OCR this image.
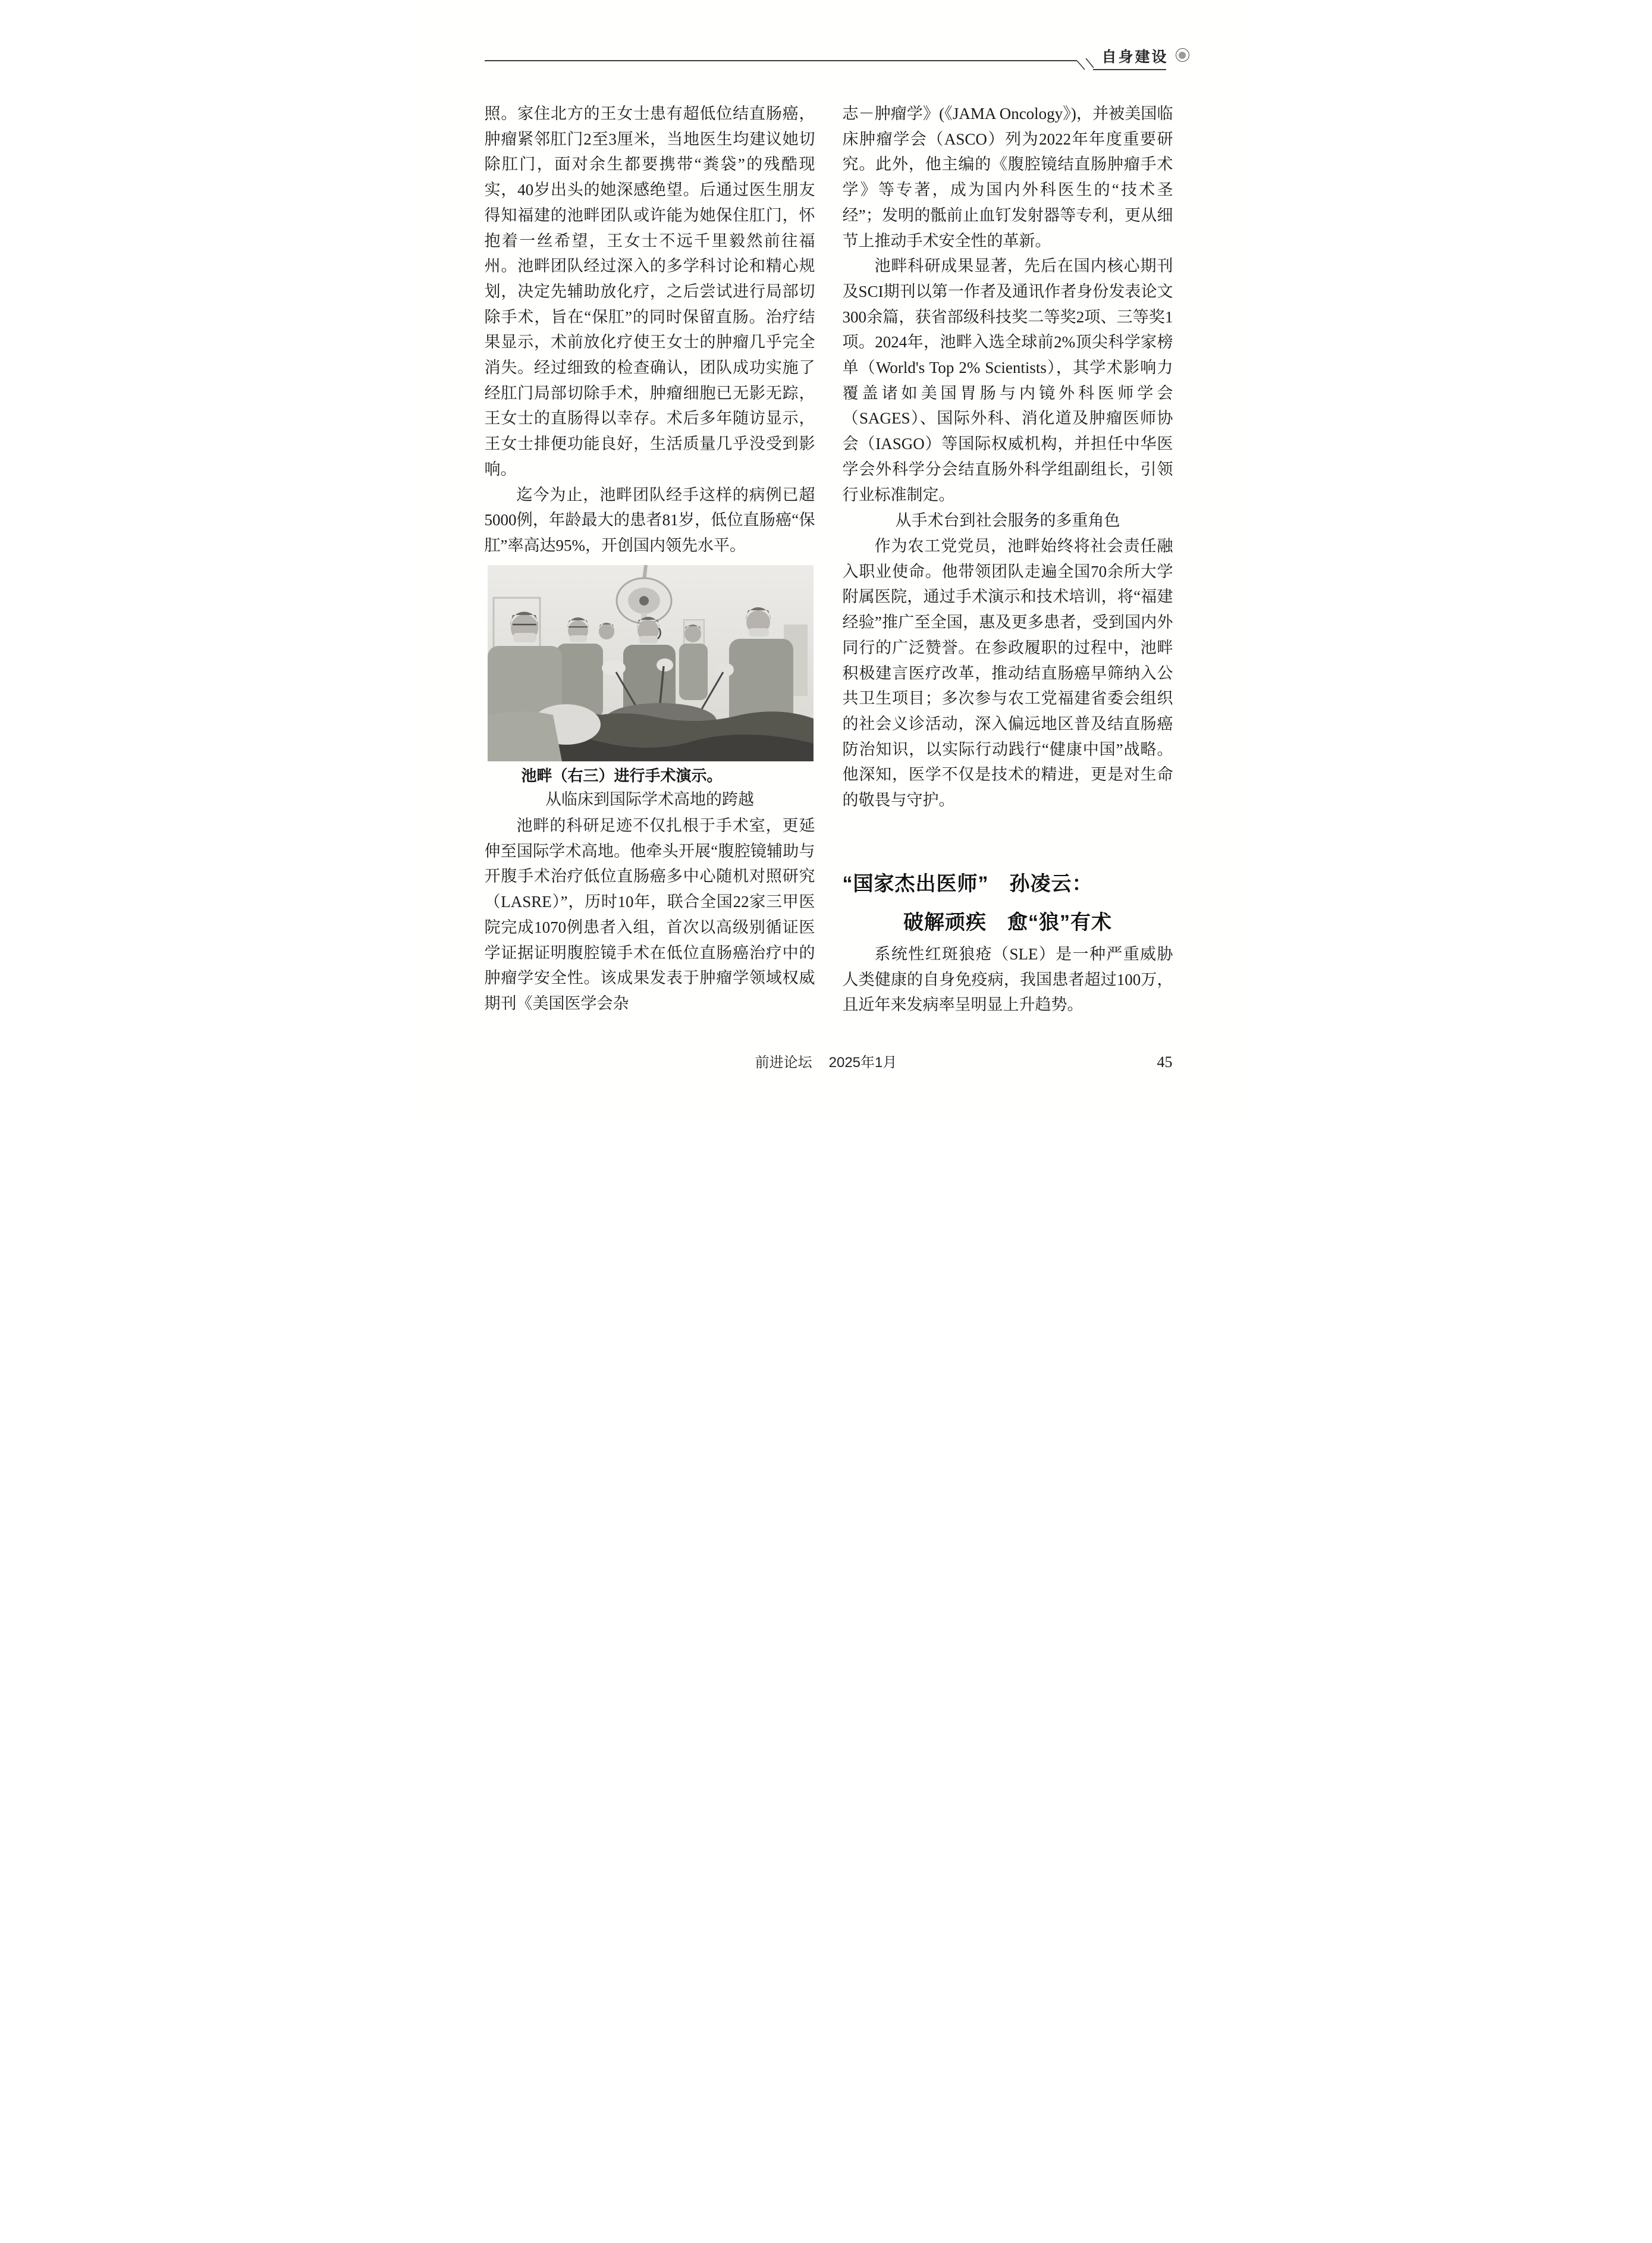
自身建设

照。家住北方的王女士患有超低位结直肠癌，肿瘤紧邻肛门2至3厘米，当地医生均建议她切除肛门，面对余生都要携带“粪袋”的残酷现实，40岁出头的她深感绝望。后通过医生朋友得知福建的池畔团队或许能为她保住肛门，怀抱着一丝希望，王女士不远千里毅然前往福州。池畔团队经过深入的多学科讨论和精心规划，决定先辅助放化疗，之后尝试进行局部切除手术，旨在“保肛”的同时保留直肠。治疗结果显示，术前放化疗使王女士的肿瘤几乎完全消失。经过细致的检查确认，团队成功实施了经肛门局部切除手术，肿瘤细胞已无影无踪，王女士的直肠得以幸存。术后多年随访显示，王女士排便功能良好，生活质量几乎没受到影响。

迄今为止，池畔团队经手这样的病例已超5000例，年龄最大的患者81岁，低位直肠癌“保肛”率高达95%，开创国内领先水平。

池畔（右三）进行手术演示。
从临床到国际学术高地的跨越

池畔的科研足迹不仅扎根于手术室，更延伸至国际学术高地。他牵头开展“腹腔镜辅助与开腹手术治疗低位直肠癌多中心随机对照研究（LASRE）”，历时10年，联合全国22家三甲医院完成1070例患者入组，首次以高级别循证医学证据证明腹腔镜手术在低位直肠癌治疗中的肿瘤学安全性。该成果发表于肿瘤学领域权威期刊《美国医学会杂

志－肿瘤学》(《JAMA Oncology》)，并被美国临床肿瘤学会（ASCO）列为2022年年度重要研究。此外，他主编的《腹腔镜结直肠肿瘤手术学》等专著，成为国内外科医生的“技术圣经”；发明的骶前止血钉发射器等专利，更从细节上推动手术安全性的革新。

池畔科研成果显著，先后在国内核心期刊及SCI期刊以第一作者及通讯作者身份发表论文300余篇，获省部级科技奖二等奖2项、三等奖1项。2024年，池畔入选全球前2%顶尖科学家榜单（World's Top 2% Scientists），其学术影响力覆盖诸如美国胃肠与内镜外科医师学会（SAGES）、国际外科、消化道及肿瘤医师协会（IASGO）等国际权威机构，并担任中华医学会外科学分会结直肠外科学组副组长，引领行业标准制定。

从手术台到社会服务的多重角色

作为农工党党员，池畔始终将社会责任融入职业使命。他带领团队走遍全国70余所大学附属医院，通过手术演示和技术培训，将“福建经验”推广至全国，惠及更多患者，受到国内外同行的广泛赞誉。在参政履职的过程中，池畔积极建言医疗改革，推动结直肠癌早筛纳入公共卫生项目；多次参与农工党福建省委会组织的社会义诊活动，深入偏远地区普及结直肠癌防治知识，以实际行动践行“健康中国”战略。他深知，医学不仅是技术的精进，更是对生命的敬畏与守护。

“国家杰出医师”　孙凌云：
破解顽疾　愈“狼”有术

系统性红斑狼疮（SLE）是一种严重威胁人类健康的自身免疫病，我国患者超过100万，且近年来发病率呈明显上升趋势。

前进论坛 2025年1月	45
